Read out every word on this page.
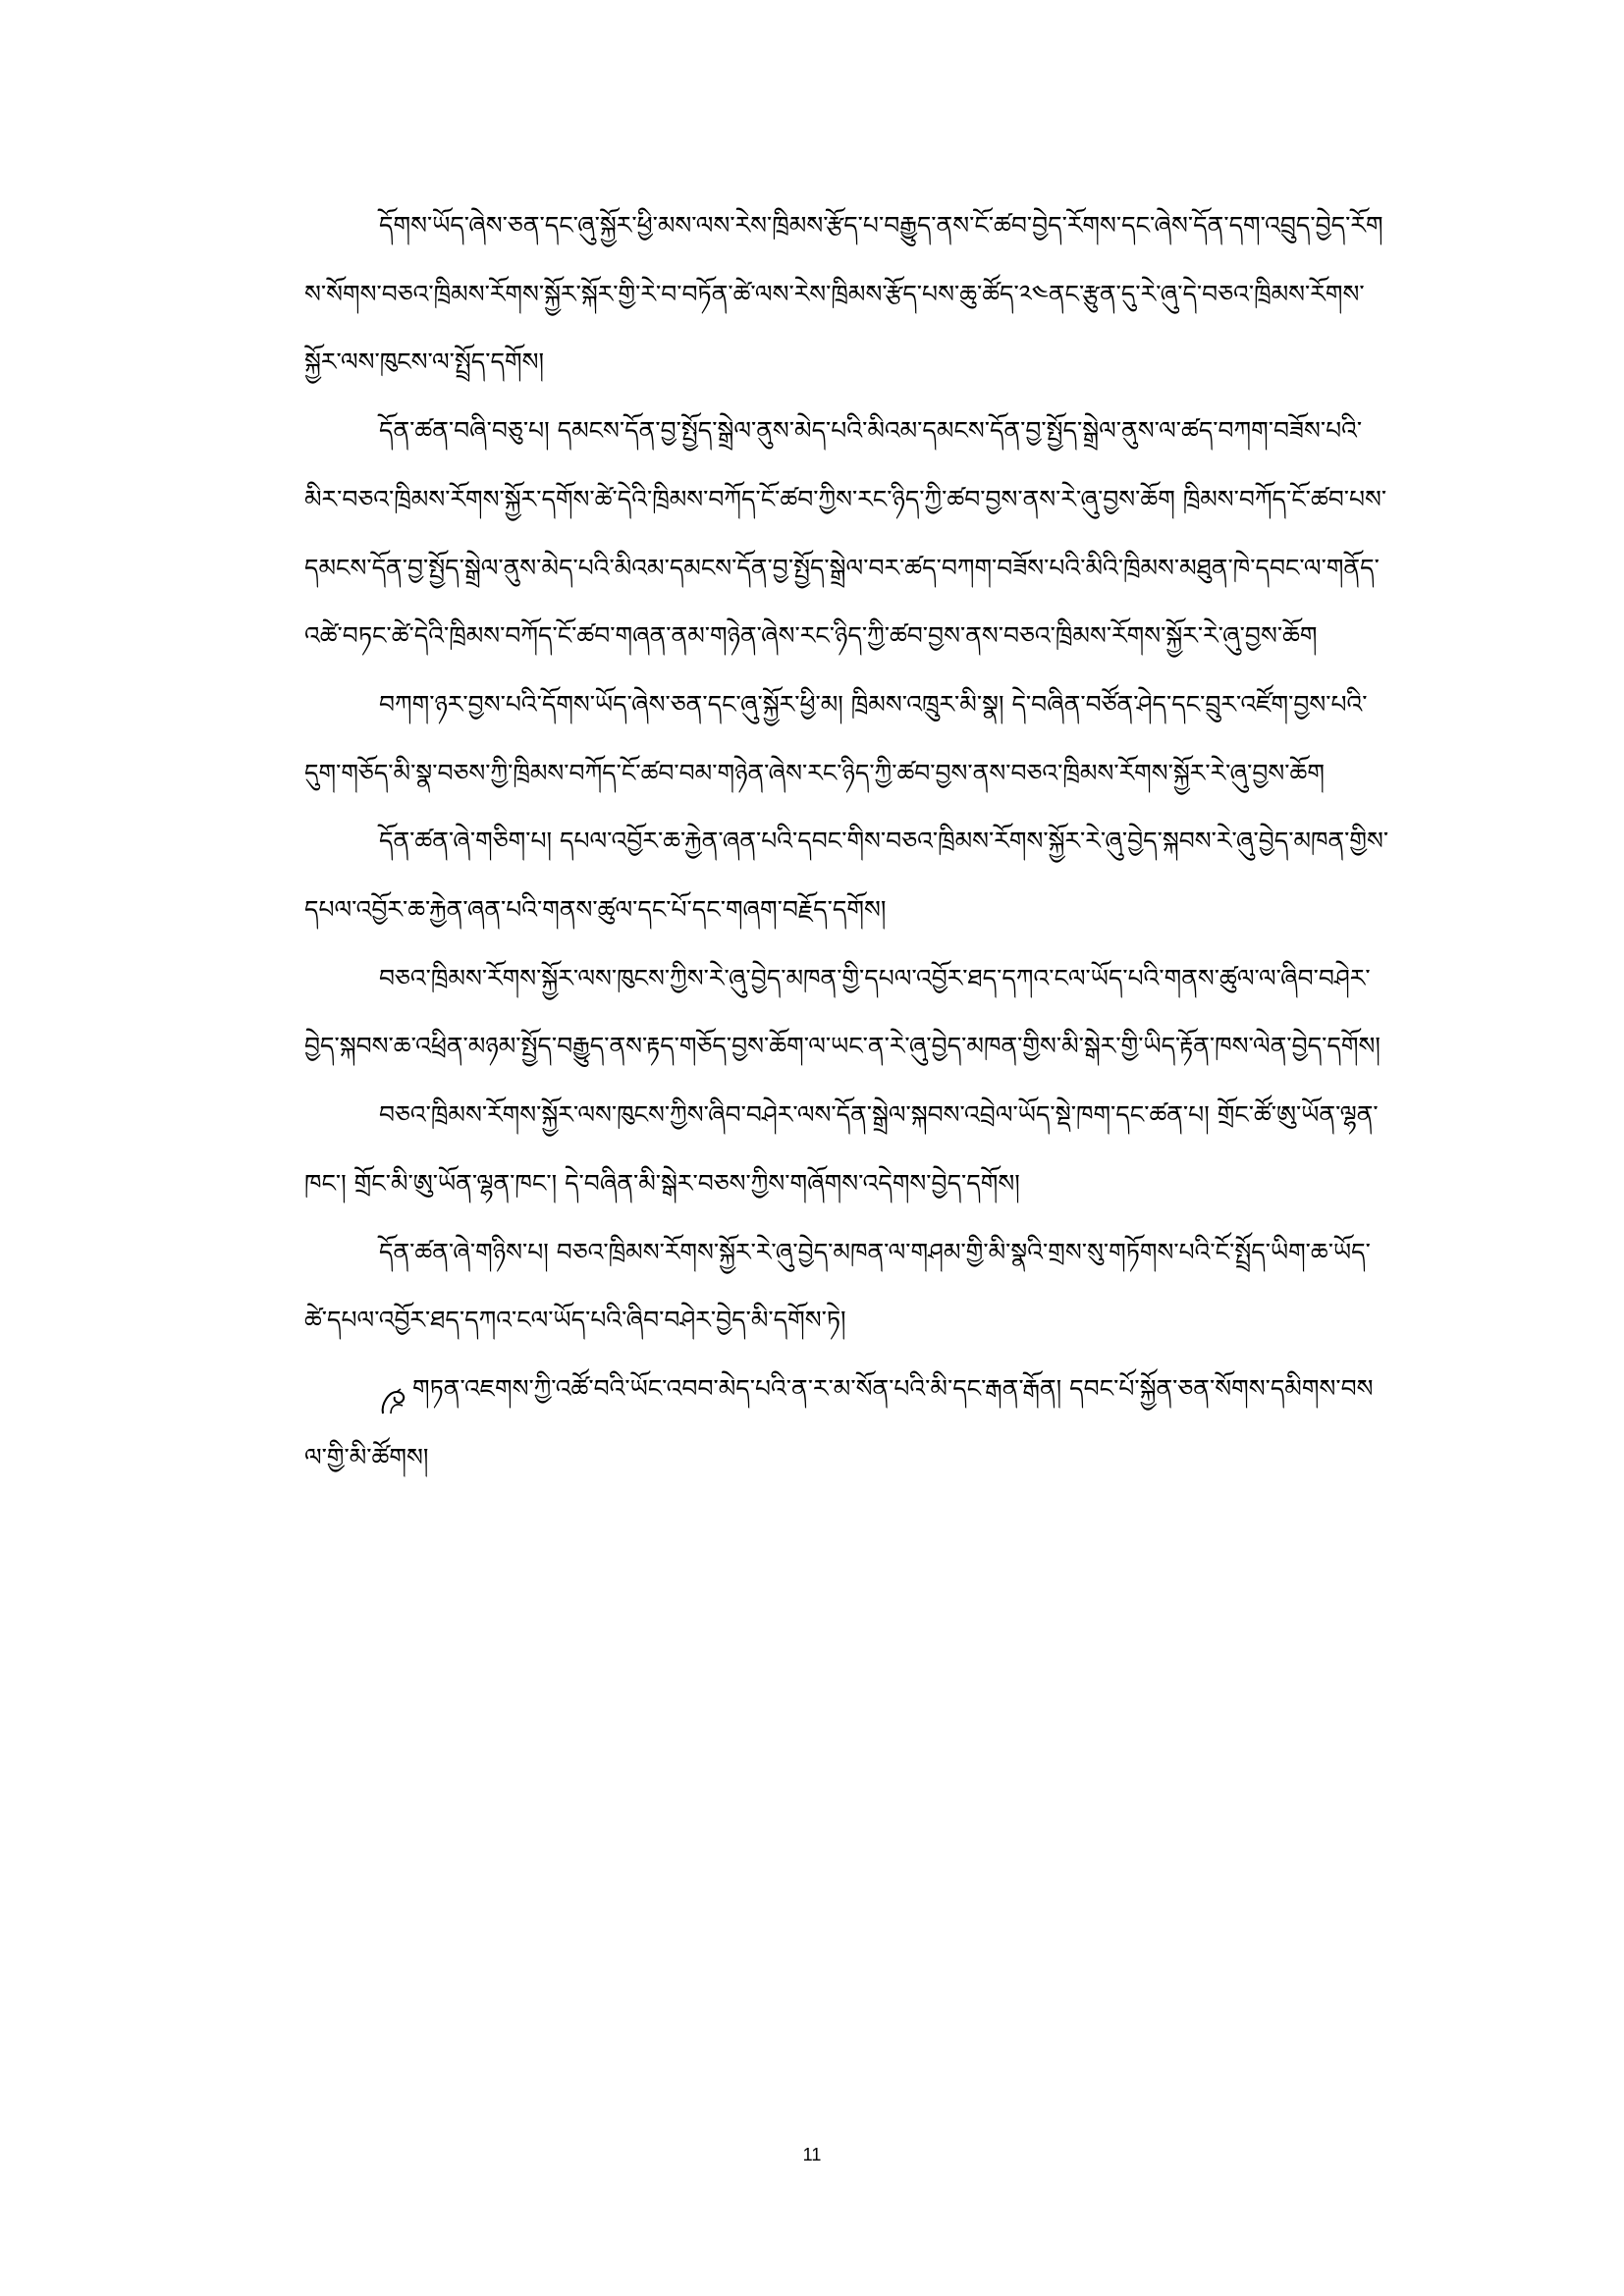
དོགས་ཡོད་ཞེས་ཅན་དང་ཞུ་སྐྱོར་ཕྱི་མས་ལས་རེས་ཁྲིམས་རྩོད་པ་བརྒྱུད་ནས་ངོ་ཚབ་བྱེད་རོགས་དང་ཞེས་དོན་དག་འབྲུད་བྱེད་རོགས་སོགས་བཅའ་ཁྲིམས་རོགས་སྐྱོར་སྐོར་གྱི་རེ་བ་བཏོན་ཚེ་ལས་རེས་ཁྲིམས་རྩོད་པས་ཆུ་ཚོད་༢༤ནང་རྩུན་དུ་རེ་ཞུ་དེ་བཅའ་ཁྲིམས་རོགས་སྐྱོར་ལས་ཁུངས་ལ་སྤྲོད་དགོས།

དོན་ཚན་བཞི་བཅུ་པ། དམངས་དོན་བྱ་སྤྱོད་སྒྲེལ་ནུས་མེད་པའི་མིའམ་དམངས་དོན་བྱ་སྤྱོད་སྒྲེལ་ནུས་ལ་ཚད་བཀག་བཟོས་པའི་མིར་བཅའ་ཁྲིམས་རོགས་སྐྱོར་དགོས་ཚེ་དེའི་ཁྲིམས་བཀོད་ངོ་ཚབ་ཀྱིས་རང་ཉིད་ཀྱི་ཚབ་བྱས་ནས་རེ་ཞུ་བྱས་ཆོག ཁྲིམས་བཀོད་ངོ་ཚབ་པས་དམངས་དོན་བྱ་སྤྱོད་སྒྲེལ་ནུས་མེད་པའི་མིའམ་དམངས་དོན་བྱ་སྤྱོད་སྒྲེལ་བར་ཚད་བཀག་བཟོས་པའི་མིའི་ཁྲིམས་མཐུན་ཁེ་དབང་ལ་གནོད་འཚེ་བཏང་ཚེ་དེའི་ཁྲིམས་བཀོད་ངོ་ཚབ་གཞན་ནམ་གཉེན་ཞེས་རང་ཉིད་ཀྱི་ཚབ་བྱས་ནས་བཅའ་ཁྲིམས་རོགས་སྐྱོར་རེ་ཞུ་བྱས་ཆོག

བཀག་ཉར་བྱས་པའི་དོགས་ཡོད་ཞེས་ཅན་དང་ཞུ་སྐྱོར་ཕྱི་མ། ཁྲིམས་འཁྲུར་མི་སྣ། དེ་བཞིན་བཙོན་ཤེད་དང་བྲུར་འཛོག་བྱས་པའི་དུག་གཅོད་མི་སྣ་བཅས་ཀྱི་ཁྲིམས་བཀོད་ངོ་ཚབ་བམ་གཉེན་ཞེས་རང་ཉིད་ཀྱི་ཚབ་བྱས་ནས་བཅའ་ཁྲིམས་རོགས་སྐྱོར་རེ་ཞུ་བྱས་ཆོག

དོན་ཚན་ཞེ་གཅིག་པ། དཔལ་འབྱོར་ཆ་རྐྱེན་ཞན་པའི་དབང་གིས་བཅའ་ཁྲིམས་རོགས་སྐྱོར་རེ་ཞུ་བྱེད་སྐབས་རེ་ཞུ་བྱེད་མཁན་གྱིས་དཔལ་འབྱོར་ཆ་རྐྱེན་ཞན་པའི་གནས་ཚུལ་དང་པོ་དང་གཞག་བརྗོད་དགོས།

བཅའ་ཁྲིམས་རོགས་སྐྱོར་ལས་ཁུངས་ཀྱིས་རེ་ཞུ་བྱེད་མཁན་གྱི་དཔལ་འབྱོར་ཐད་དཀའ་ངལ་ཡོད་པའི་གནས་ཚུལ་ལ་ཞིབ་བཤེར་བྱེད་སྐབས་ཆ་འཕྲིན་མཉམ་སྤྱོད་བརྒྱུད་ནས་རྟད་གཅོད་བྱས་ཆོག་ལ་ཡང་ན་རེ་ཞུ་བྱེད་མཁན་གྱིས་མི་སྒེར་གྱི་ཡིད་རྟོན་ཁས་ལེན་བྱེད་དགོས།

བཅའ་ཁྲིམས་རོགས་སྐྱོར་ལས་ཁུངས་ཀྱིས་ཞིབ་བཤེར་ལས་དོན་སྒྲེལ་སྐབས་འབྲེལ་ཡོད་སྡེ་ཁག་དང་ཚན་པ། གྲོང་ཚོ་ཨུ་ཡོན་ལྷན་ཁང་། གྲོང་མི་ཨུ་ཡོན་ལྷན་ཁང་། དེ་བཞིན་མི་སྒེར་བཅས་ཀྱིས་གཞོགས་འདེགས་བྱེད་དགོས།

དོན་ཚན་ཞེ་གཉིས་པ། བཅའ་ཁྲིམས་རོགས་སྐྱོར་རེ་ཞུ་བྱེད་མཁན་ལ་གཤམ་གྱི་མི་སྣའི་གྲས་སུ་གཏོགས་པའི་ངོ་སྤྲོད་ཡིག་ཆ་ཡོད་ཚེ་དཔལ་འབྱོར་ཐད་དཀའ་ངལ་ཡོད་པའི་ཞིབ་བཤེར་བྱེད་མི་དགོས་ཏེ།

གཏན་འཇགས་ཀྱི་འཚོ་བའི་ཡོང་འབབ་མེད་པའི་ན་ར་མ་སོན་པའི་མི་དང་རྒན་རྒོན། དབང་པོ་སྐྱོན་ཅན་སོགས་དམིགས་བསལ་གྱི་མི་ཚོགས།

11
